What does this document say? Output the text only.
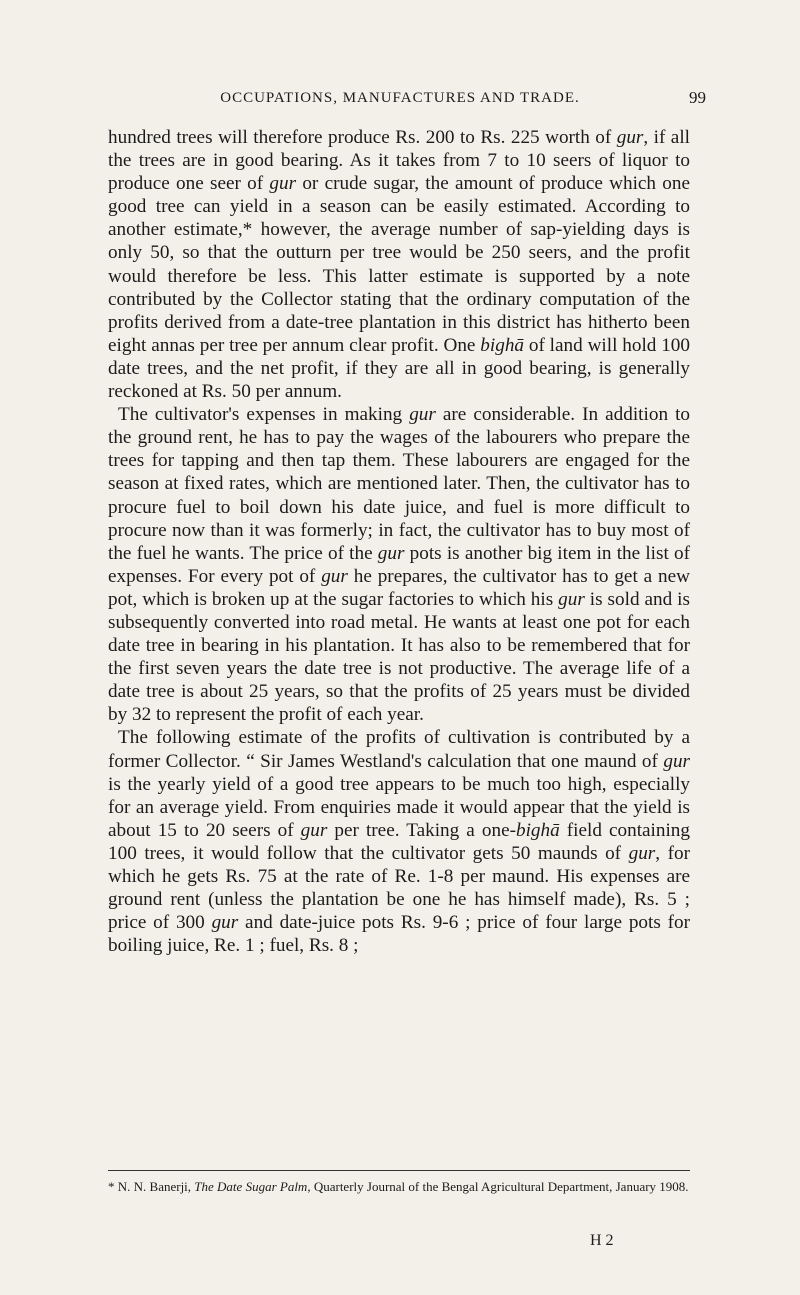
OCCUPATIONS, MANUFACTURES AND TRADE.	99

hundred trees will therefore produce Rs. 200 to Rs. 225 worth of gur, if all the trees are in good bearing. As it takes from 7 to 10 seers of liquor to produce one seer of gur or crude sugar, the amount of produce which one good tree can yield in a season can be easily estimated. According to another estimate,* however, the average number of sap-yielding days is only 50, so that the outturn per tree would be 250 seers, and the profit would therefore be less. This latter estimate is supported by a note contributed by the Collector stating that the ordinary computation of the profits derived from a date-tree plantation in this district has hitherto been eight annas per tree per annum clear profit. One bighā of land will hold 100 date trees, and the net profit, if they are all in good bearing, is generally reckoned at Rs. 50 per annum.

The cultivator's expenses in making gur are considerable. In addition to the ground rent, he has to pay the wages of the labourers who prepare the trees for tapping and then tap them. These labourers are engaged for the season at fixed rates, which are mentioned later. Then, the cultivator has to procure fuel to boil down his date juice, and fuel is more difficult to procure now than it was formerly; in fact, the cultivator has to buy most of the fuel he wants. The price of the gur pots is another big item in the list of expenses. For every pot of gur he prepares, the cultivator has to get a new pot, which is broken up at the sugar factories to which his gur is sold and is subsequently converted into road metal. He wants at least one pot for each date tree in bearing in his plantation. It has also to be remembered that for the first seven years the date tree is not productive. The average life of a date tree is about 25 years, so that the profits of 25 years must be divided by 32 to represent the profit of each year.

The following estimate of the profits of cultivation is contributed by a former Collector. “ Sir James Westland's calculation that one maund of gur is the yearly yield of a good tree appears to be much too high, especially for an average yield. From enquiries made it would appear that the yield is about 15 to 20 seers of gur per tree. Taking a one-bighā field containing 100 trees, it would follow that the cultivator gets 50 maunds of gur, for which he gets Rs. 75 at the rate of Re. 1-8 per maund. His expenses are ground rent (unless the plantation be one he has himself made), Rs. 5 ; price of 300 gur and date-juice pots Rs. 9-6 ; price of four large pots for boiling juice, Re. 1 ; fuel, Rs. 8 ;

* N. N. Banerji, The Date Sugar Palm, Quarterly Journal of the Bengal Agricultural Department, January 1908.
H 2
